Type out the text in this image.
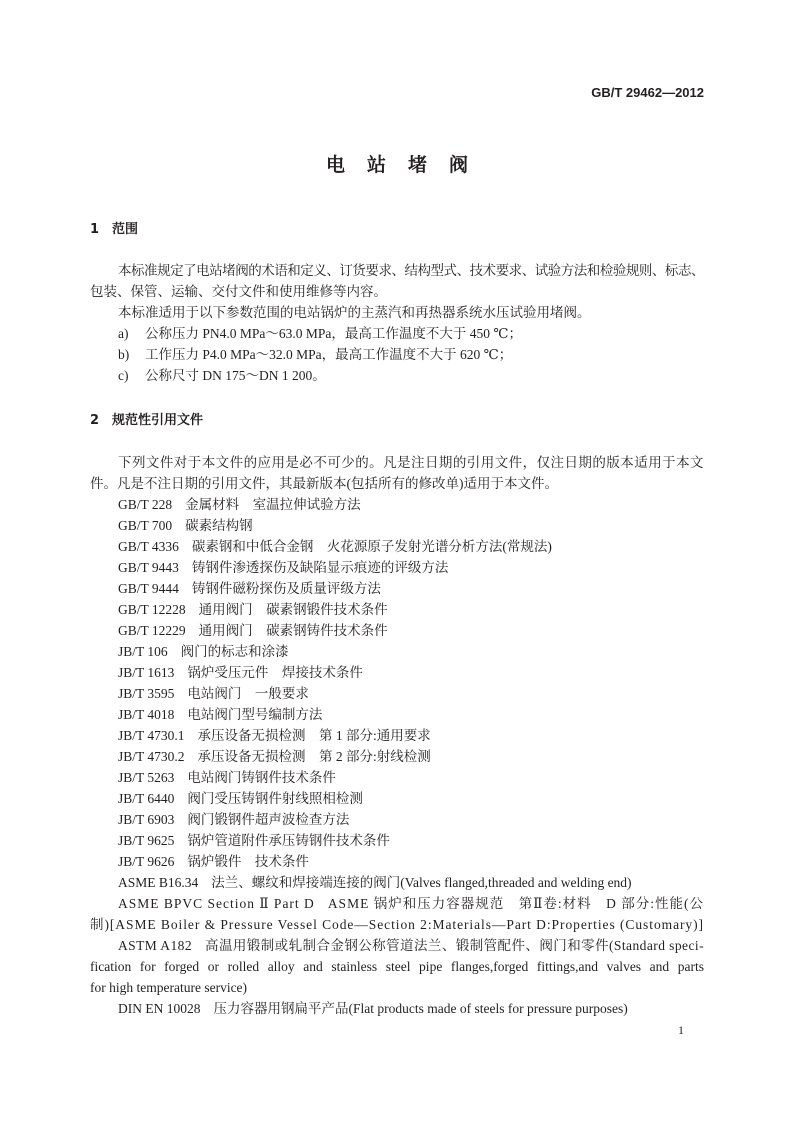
GB/T 29462—2012
电站堵阀
1 范围
本标准规定了电站堵阀的术语和定义、订货要求、结构型式、技术要求、试验方法和检验规则、标志、
包装、保管、运输、交付文件和使用维修等内容。
本标准适用于以下参数范围的电站锅炉的主蒸汽和再热器系统水压试验用堵阀。
a) 公称压力 PN4.0 MPa～63.0 MPa，最高工作温度不大于 450 ℃；
b) 工作压力 P4.0 MPa～32.0 MPa，最高工作温度不大于 620 ℃；
c) 公称尺寸 DN 175～DN 1 200。
2 规范性引用文件
下列文件对于本文件的应用是必不可少的。凡是注日期的引用文件，仅注日期的版本适用于本文
件。凡是不注日期的引用文件，其最新版本(包括所有的修改单)适用于本文件。
GB/T 228 金属材料　室温拉伸试验方法
GB/T 700 碳素结构钢
GB/T 4336 碳素钢和中低合金钢　火花源原子发射光谱分析方法(常规法)
GB/T 9443 铸钢件渗透探伤及缺陷显示痕迹的评级方法
GB/T 9444 铸钢件磁粉探伤及质量评级方法
GB/T 12228 通用阀门　碳素钢锻件技术条件
GB/T 12229 通用阀门　碳素钢铸件技术条件
JB/T 106 阀门的标志和涂漆
JB/T 1613 锅炉受压元件　焊接技术条件
JB/T 3595 电站阀门　一般要求
JB/T 4018 电站阀门型号编制方法
JB/T 4730.1 承压设备无损检测　第 1 部分:通用要求
JB/T 4730.2 承压设备无损检测　第 2 部分:射线检测
JB/T 5263 电站阀门铸钢件技术条件
JB/T 6440 阀门受压铸钢件射线照相检测
JB/T 6903 阀门锻钢件超声波检查方法
JB/T 9625 锅炉管道附件承压铸钢件技术条件
JB/T 9626 锅炉锻件　技术条件
ASME B16.34 法兰、螺纹和焊接端连接的阀门(Valves flanged,threaded and welding end)
ASME BPVC Section Ⅱ Part D ASME 锅炉和压力容器规范　第Ⅱ卷:材料　D 部分:性能(公
制)[ASME Boiler & Pressure Vessel Code—Section 2:Materials—Part D:Properties (Customary)]
ASTM A182 高温用锻制或轧制合金钢公称管道法兰、锻制管配件、阀门和零件(Standard speci-
fication for forged or rolled alloy and stainless steel pipe flanges,forged fittings,and valves and parts
for high temperature service)
DIN EN 10028 压力容器用钢扁平产品(Flat products made of steels for pressure purposes)
1
